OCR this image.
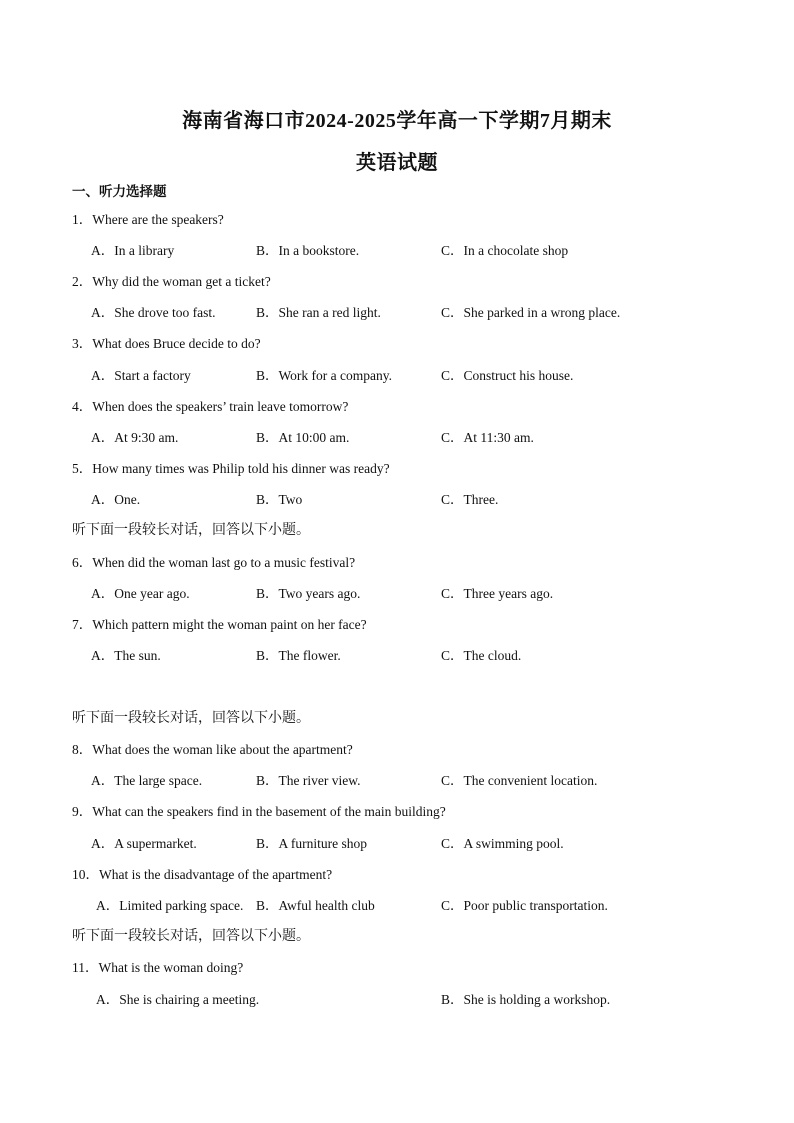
海南省海口市2024-2025学年高一下学期7月期末
英语试题
一、听力选择题
1．Where are the speakers?
A．In a library	B．In a bookstore.	C．In a chocolate shop
2．Why did the woman get a ticket?
A．She drove too fast.	B．She ran a red light.	C．She parked in a wrong place.
3．What does Bruce decide to do?
A．Start a factory	B．Work for a company.	C．Construct his house.
4．When does the speakers’ train leave tomorrow?
A．At 9:30 am.	B．At 10:00 am.	C．At 11:30 am.
5．How many times was Philip told his dinner was ready?
A．One.	B．Two	C．Three.
听下面一段较长对话，回答以下小题。
6．When did the woman last go to a music festival?
A．One year ago.	B．Two years ago.	C．Three years ago.
7．Which pattern might the woman paint on her face?
A．The sun.	B．The flower.	C．The cloud.
听下面一段较长对话，回答以下小题。
8．What does the woman like about the apartment?
A．The large space.	B．The river view.	C．The convenient location.
9．What can the speakers find in the basement of the main building?
A．A supermarket.	B．A furniture shop	C．A swimming pool.
10．What is the disadvantage of the apartment?
A．Limited parking space. B．Awful health club	C．Poor public transportation.
听下面一段较长对话，回答以下小题。
11．What is the woman doing?
A．She is chairing a meeting.	B．She is holding a workshop.
